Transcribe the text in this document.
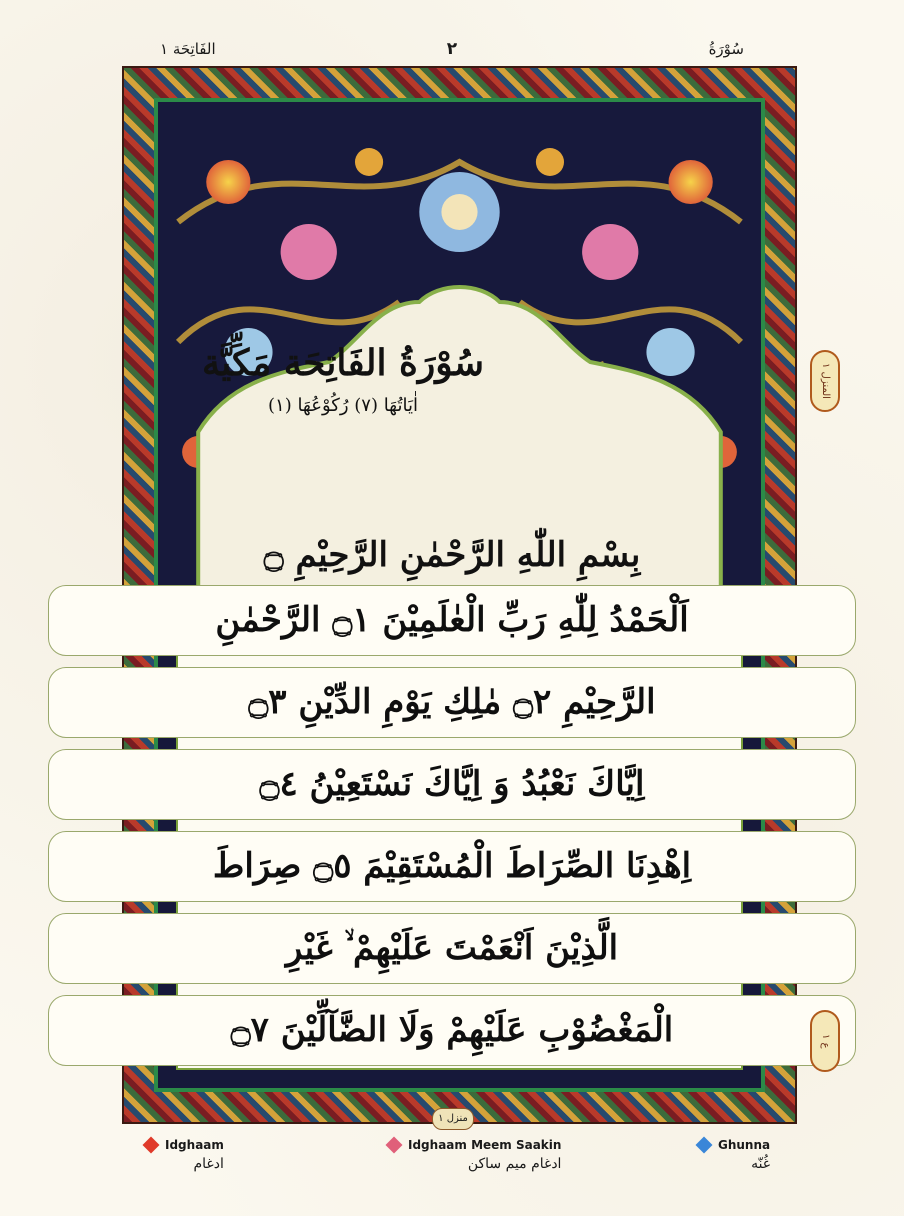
سُوْرَةُ
٢
الفَاتِحَة ١
سُوْرَةُ الفَاتِحَة مَكِّيَّة
اٰيَاتُهَا (٧) رُكُوْعُهَا (١)
بِسْمِ اللّٰهِ الرَّحْمٰنِ الرَّحِيْمِ ۝
اَلْحَمْدُ لِلّٰهِ رَبِّ الْعٰلَمِيْنَ ۝١ الرَّحْمٰنِ
الرَّحِيْمِ ۝٢ مٰلِكِ يَوْمِ الدِّيْنِ ۝٣
اِيَّاكَ نَعْبُدُ وَ اِيَّاكَ نَسْتَعِيْنُ ۝٤
اِهْدِنَا الصِّرَاطَ الْمُسْتَقِيْمَ ۝٥ صِرَاطَ
الَّذِيْنَ اَنْعَمْتَ عَلَيْهِمْ ۙ غَيْرِ
الْمَغْضُوْبِ عَلَيْهِمْ وَلَا الضَّآلِّيْنَ ۝٧
المنزل ١
ع ١
منزل ١
Idghaam
ادغام
Idghaam Meem Saakin
ادغام میم ساکن
Ghunna
غُنّه
